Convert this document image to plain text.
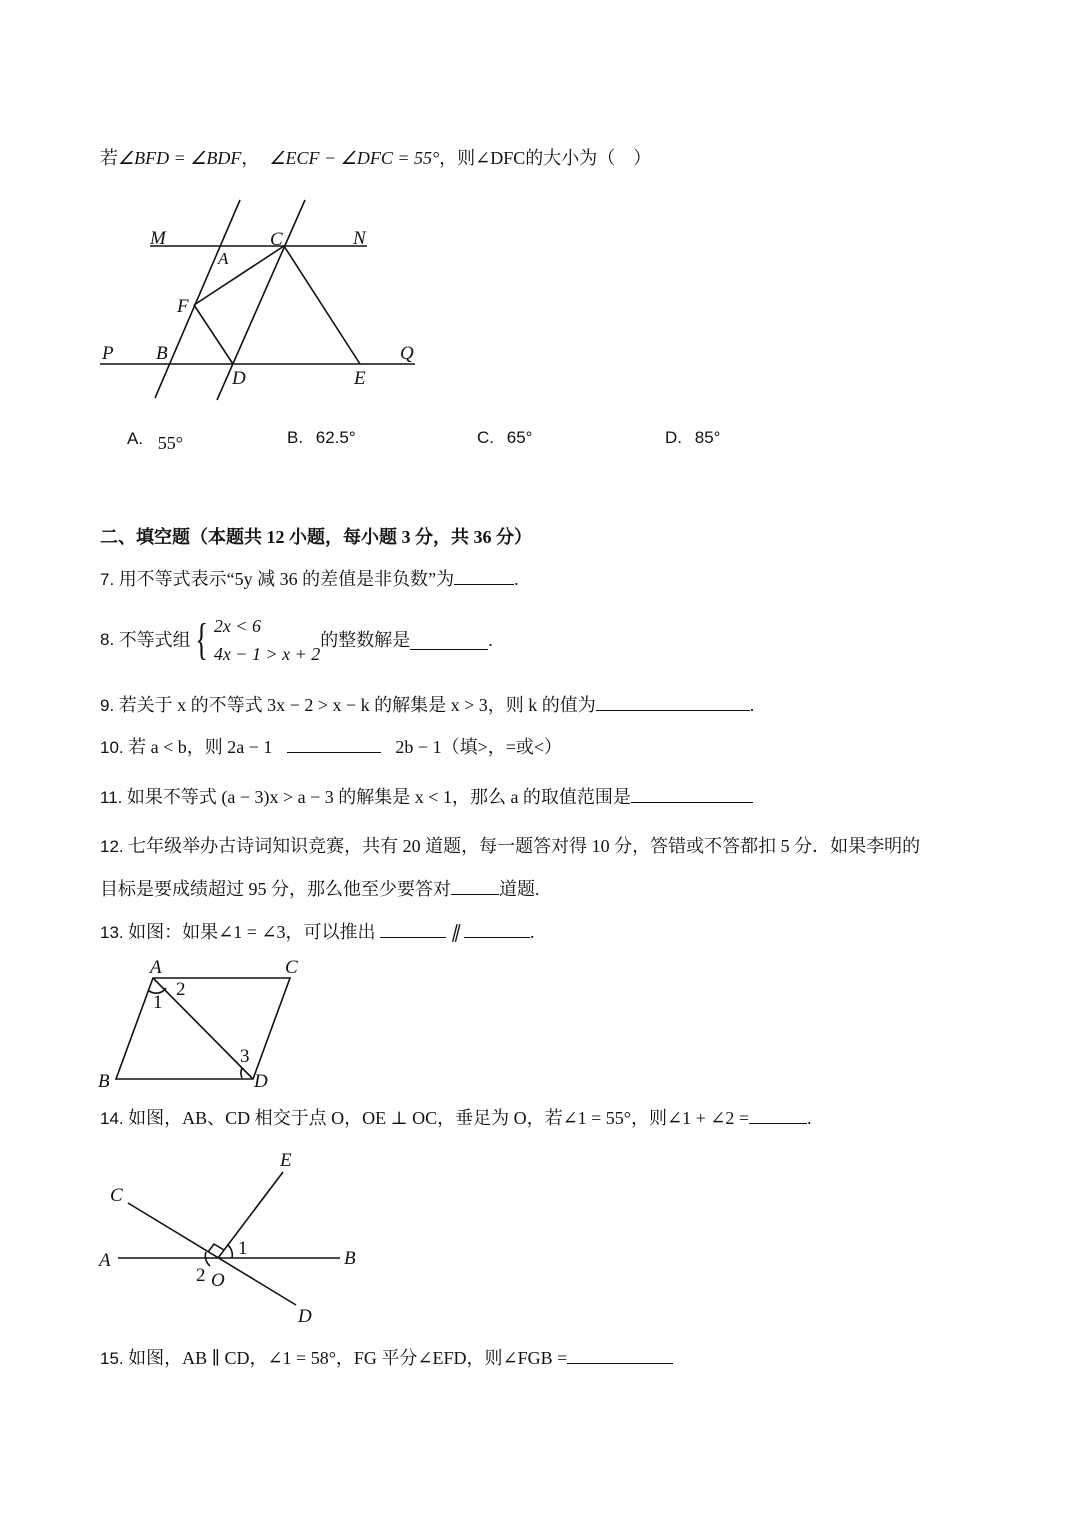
若∠BFD = ∠BDF， ∠ECF − ∠DFC = 55°，则∠DFC的大小为（　）
M	C	N
A
F
P B	Q
D	E
A. 55°	B. 62.5°	C. 65°	D. 85°
二、填空题（本题共 12 小题，每小题 3 分，共 36 分）
7. 用不等式表示“5y 减 36 的差值是非负数”为	.
8. 不等式组{ 2x < 6
4x − 1 > x + 2的整数解是	.
9. 若关于 x 的不等式 3x − 2 > x − k 的解集是 x > 3，则 k 的值为	.
10. 若 a < b，则 2a − 1	2b − 1（填>，=或<）
11. 如果不等式 (a − 3)x > a − 3 的解集是 x < 1，那么 a 的取值范围是
12. 七年级举办古诗词知识竞赛，共有 20 道题，每一题答对得 10 分，答错或不答都扣 5 分．如果李明的
目标是要成绩超过 95 分，那么他至少要答对	道题.
13. 如图：如果∠1 = ∠3，可以推出	∥	.
A	C
1
2
3
B	D
14. 如图，AB、CD 相交于点 O，OE ⊥ OC，垂足为 O，若∠1 = 55°，则∠1 + ∠2 =	.
E
C
1
A	B
2 O
D
15. 如图，AB ∥ CD，∠1 = 58°，FG 平分∠EFD，则∠FGB =
